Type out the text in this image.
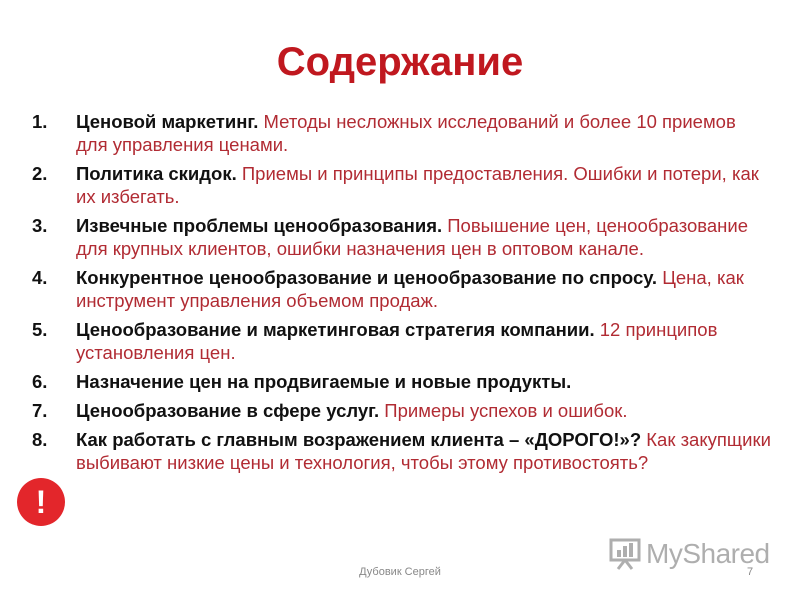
Содержание
1.	Ценовой маркетинг. Методы несложных исследований и более 10 приемов для управления ценами.
2.	Политика скидок. Приемы и принципы предоставления. Ошибки и потери, как их избегать.
3.	Извечные проблемы ценообразования. Повышение цен, ценообразование для крупных клиентов, ошибки назначения цен в оптовом канале.
4.	Конкурентное ценообразование и ценообразование по спросу. Цена, как инструмент управления объемом продаж.
5.	Ценообразование и маркетинговая стратегия компании. 12 принципов установления цен.
6.	Назначение цен на продвигаемые и новые продукты.
7.	Ценообразование в сфере услуг. Примеры успехов и ошибок.
8.	Как работать с главным возражением клиента – «ДОРОГО!»? Как закупщики выбивают низкие цены и технология, чтобы этому противостоять?
!
MyShared
Дубовик Сергей	7
